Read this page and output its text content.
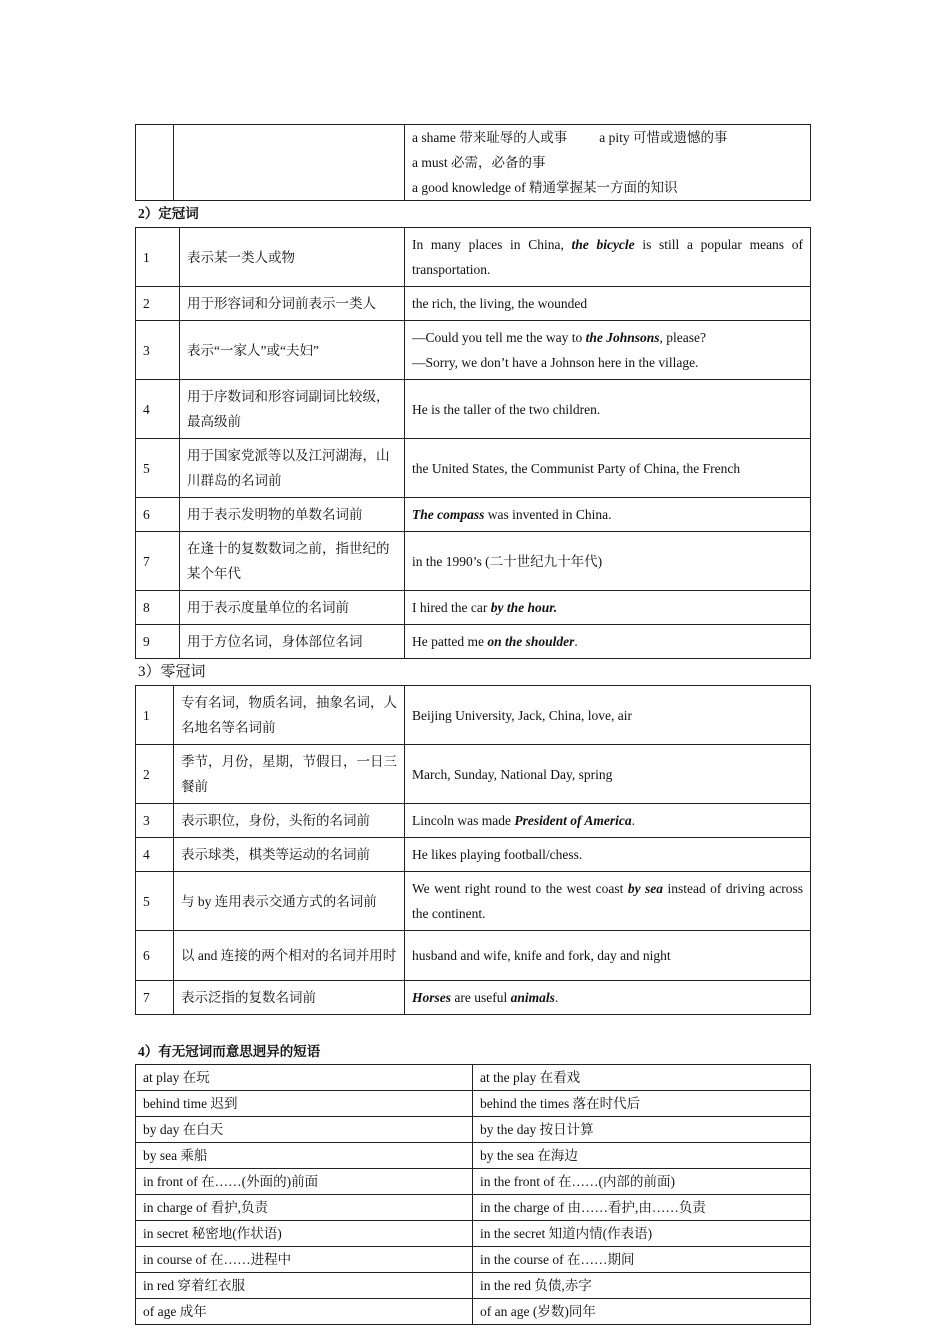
a shame 带来耻辱的人或事 a pity 可惜或遗憾的事
a must 必需，必备的事
a good knowledge of 精通掌握某一方面的知识
2）定冠词
1	表示某一类人或物	In many places in China, the bicycle is still a popular means of transportation.
2	用于形容词和分词前表示一类人	the rich, the living, the wounded
3	表示“一家人”或“夫妇”	—Could you tell me the way to the Johnsons, please?
—Sorry, we don’t have a Johnson here in the village.
4	用于序数词和形容词副词比较级，最高级前	He is the taller of the two children.
5	用于国家党派等以及江河湖海，山川群岛的名词前	the United States, the Communist Party of China, the French
6	用于表示发明物的单数名词前	The compass was invented in China.
7	在逢十的复数数词之前，指世纪的某个年代	in the 1990’s (二十世纪九十年代)
8	用于表示度量单位的名词前	I hired the car by the hour.
9	用于方位名词，身体部位名词	He patted me on the shoulder.
3）零冠词
1	专有名词，物质名词，抽象名词，人名地名等名词前	Beijing University, Jack, China, love, air
2	季节，月份，星期，节假日，一日三餐前	March, Sunday, National Day, spring
3	表示职位，身份，头衔的名词前	Lincoln was made President of America.
4	表示球类，棋类等运动的名词前	He likes playing football/chess.
5	与 by 连用表示交通方式的名词前	We went right round to the west coast by sea instead of driving across the continent.
6	以 and 连接的两个相对的名词并用时	husband and wife, knife and fork, day and night
7	表示泛指的复数名词前	Horses are useful animals.
4）有无冠词而意思迥异的短语
at play 在玩	at the play 在看戏
behind time 迟到	behind the times 落在时代后
by day 在白天	by the day 按日计算
by sea 乘船	by the sea 在海边
in front of 在……(外面的)前面	in the front of 在……(内部的前面)
in charge of 看护,负责	in the charge of 由……看护,由……负责
in secret 秘密地(作状语)	in the secret 知道内情(作表语)
in course of 在……进程中	in the course of 在……期间
in red 穿着红衣服	in the red 负债,赤字
of age 成年	of an age (岁数)同年
